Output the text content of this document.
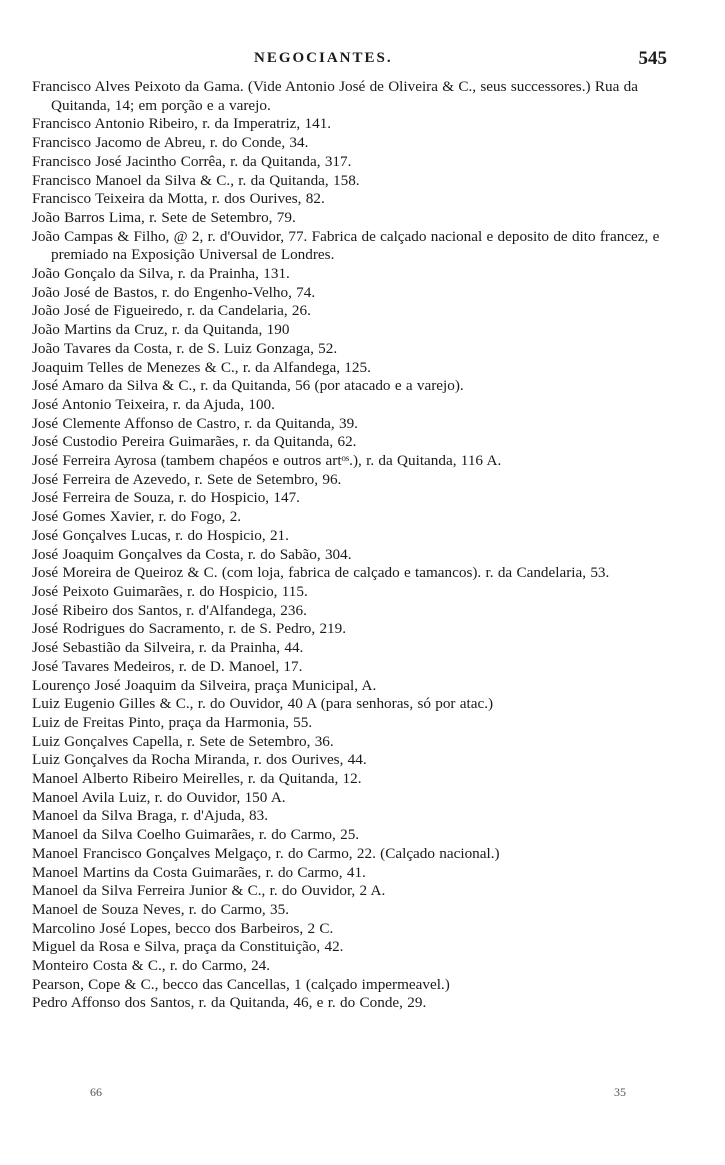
NEGOCIANTES.	545
Francisco Alves Peixoto da Gama. (Vide Antonio José de Oliveira & C., seus successores.) Rua da Quitanda, 14; em porção e a varejo.
Francisco Antonio Ribeiro, r. da Imperatriz, 141.
Francisco Jacomo de Abreu, r. do Conde, 34.
Francisco José Jacintho Corrêa, r. da Quitanda, 317.
Francisco Manoel da Silva & C., r. da Quitanda, 158.
Francisco Teixeira da Motta, r. dos Ourives, 82.
João Barros Lima, r. Sete de Setembro, 79.
João Campas & Filho, @ 2, r. d'Ouvidor, 77. Fabrica de calçado nacional e deposito de dito francez, e premiado na Exposição Universal de Londres.
João Gonçalo da Silva, r. da Prainha, 131.
João José de Bastos, r. do Engenho-Velho, 74.
João José de Figueiredo, r. da Candelaria, 26.
João Martins da Cruz, r. da Quitanda, 190
João Tavares da Costa, r. de S. Luiz Gonzaga, 52.
Joaquim Telles de Menezes & C., r. da Alfandega, 125.
José Amaro da Silva & C., r. da Quitanda, 56 (por atacado e a varejo).
José Antonio Teixeira, r. da Ajuda, 100.
José Clemente Affonso de Castro, r. da Quitanda, 39.
José Custodio Pereira Guimarães, r. da Quitanda, 62.
José Ferreira Ayrosa (tambem chapéos e outros artᵒˢ.), r. da Quitanda, 116 A.
José Ferreira de Azevedo, r. Sete de Setembro, 96.
José Ferreira de Souza, r. do Hospicio, 147.
José Gomes Xavier, r. do Fogo, 2.
José Gonçalves Lucas, r. do Hospicio, 21.
José Joaquim Gonçalves da Costa, r. do Sabão, 304.
José Moreira de Queiroz & C. (com loja, fabrica de calçado e tamancos). r. da Candelaria, 53.
José Peixoto Guimarães, r. do Hospicio, 115.
José Ribeiro dos Santos, r. d'Alfandega, 236.
José Rodrigues do Sacramento, r. de S. Pedro, 219.
José Sebastião da Silveira, r. da Prainha, 44.
José Tavares Medeiros, r. de D. Manoel, 17.
Lourenço José Joaquim da Silveira, praça Municipal, A.
Luiz Eugenio Gilles & C., r. do Ouvidor, 40 A (para senhoras, só por atac.)
Luiz de Freitas Pinto, praça da Harmonia, 55.
Luiz Gonçalves Capella, r. Sete de Setembro, 36.
Luiz Gonçalves da Rocha Miranda, r. dos Ourives, 44.
Manoel Alberto Ribeiro Meirelles, r. da Quitanda, 12.
Manoel Avila Luiz, r. do Ouvidor, 150 A.
Manoel da Silva Braga, r. d'Ajuda, 83.
Manoel da Silva Coelho Guimarães, r. do Carmo, 25.
Manoel Francisco Gonçalves Melgaço, r. do Carmo, 22. (Calçado nacional.)
Manoel Martins da Costa Guimarães, r. do Carmo, 41.
Manoel da Silva Ferreira Junior & C., r. do Ouvidor, 2 A.
Manoel de Souza Neves, r. do Carmo, 35.
Marcolino José Lopes, becco dos Barbeiros, 2 C.
Miguel da Rosa e Silva, praça da Constituição, 42.
Monteiro Costa & C., r. do Carmo, 24.
Pearson, Cope & C., becco das Cancellas, 1 (calçado impermeavel.)
Pedro Affonso dos Santos, r. da Quitanda, 46, e r. do Conde, 29.
66	35
